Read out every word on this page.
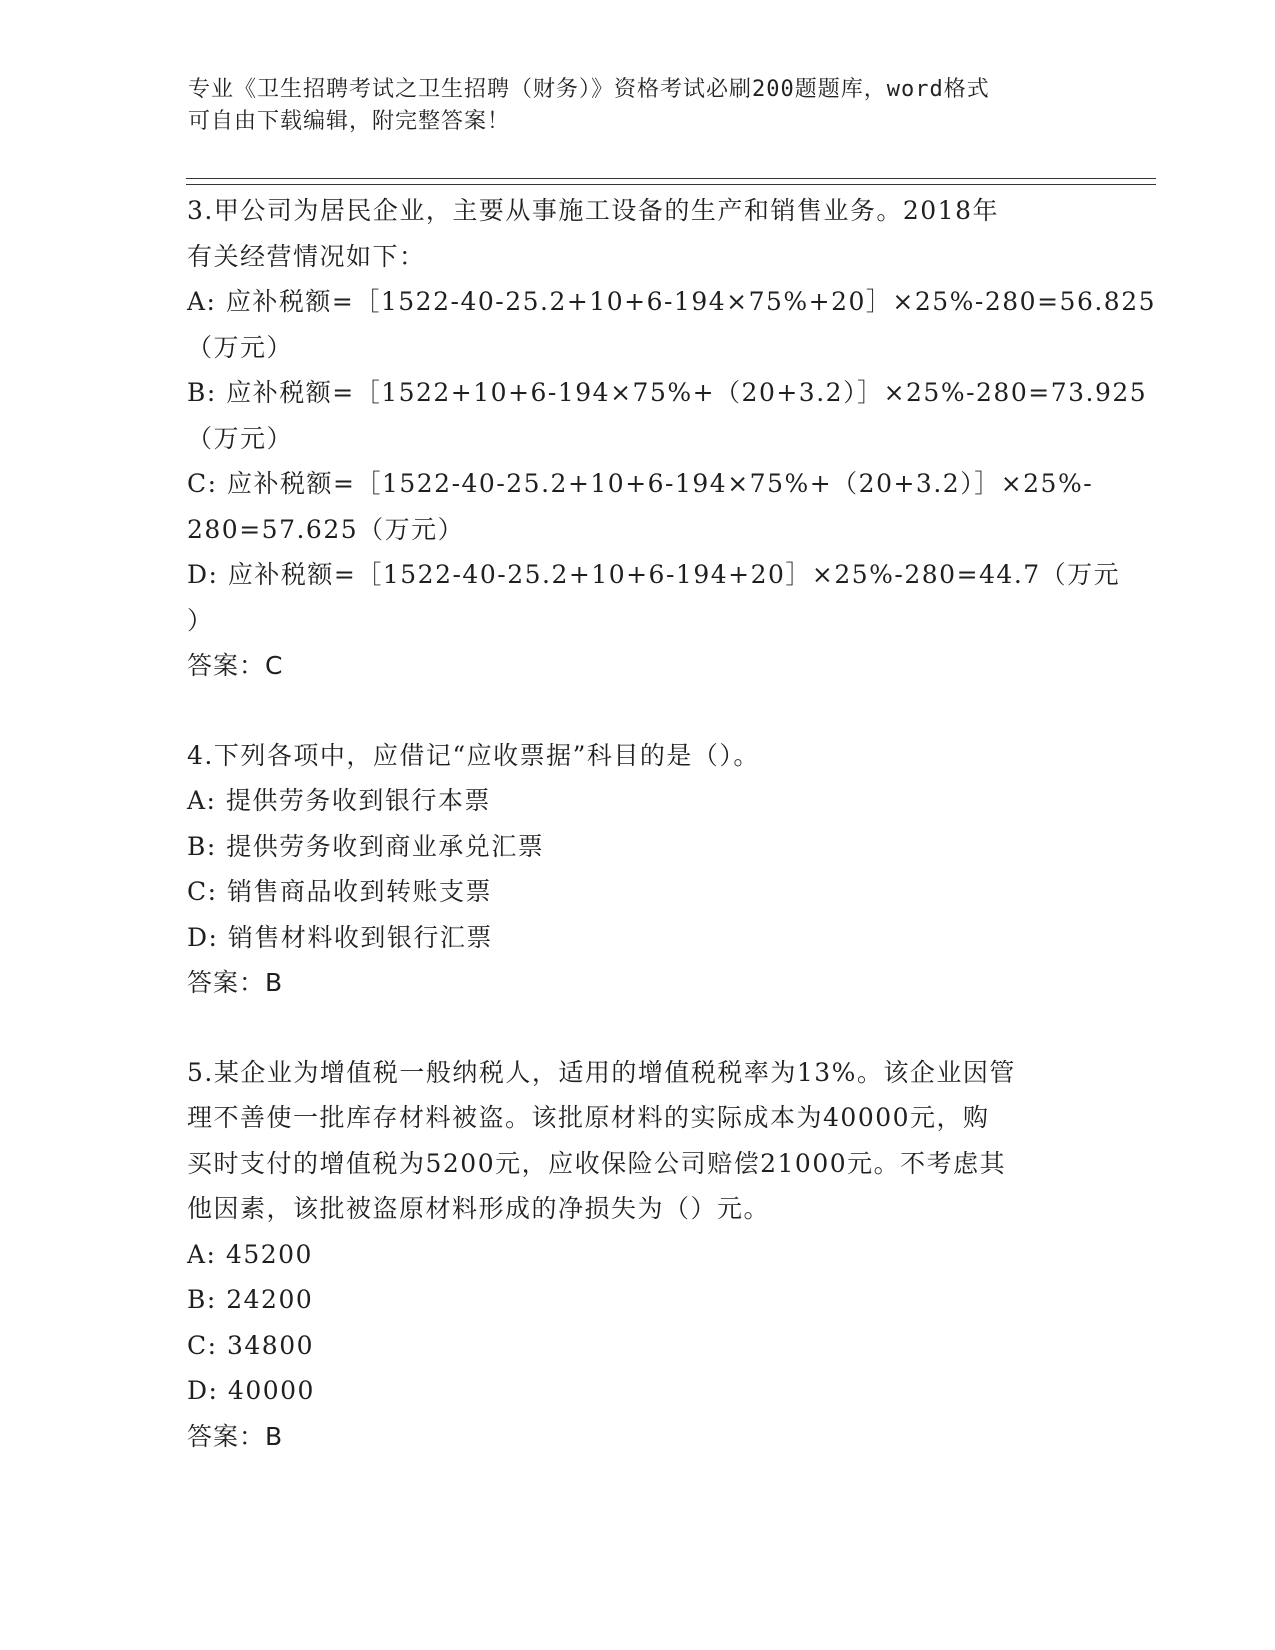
专业《卫生招聘考试之卫生招聘（财务）》资格考试必刷200题题库，word格式
可自由下载编辑，附完整答案！
3.甲公司为居民企业，主要从事施工设备的生产和销售业务。2018年
有关经营情况如下：
A: 应补税额=［1522-40-25.2+10+6-194×75%+20］×25%-280=56.825
（万元）
B: 应补税额=［1522+10+6-194×75%+（20+3.2）］×25%-280=73.925
（万元）
C: 应补税额=［1522-40-25.2+10+6-194×75%+（20+3.2）］×25%-
280=57.625（万元）
D: 应补税额=［1522-40-25.2+10+6-194+20］×25%-280=44.7（万元
）
答案：C
4.下列各项中，应借记“应收票据”科目的是（）。
A: 提供劳务收到银行本票
B: 提供劳务收到商业承兑汇票
C: 销售商品收到转账支票
D: 销售材料收到银行汇票
答案：B
5.某企业为增值税一般纳税人，适用的增值税税率为13%。该企业因管
理不善使一批库存材料被盗。该批原材料的实际成本为40000元，购
买时支付的增值税为5200元，应收保险公司赔偿21000元。不考虑其
他因素，该批被盗原材料形成的净损失为（）元。
A: 45200
B: 24200
C: 34800
D: 40000
答案：B
